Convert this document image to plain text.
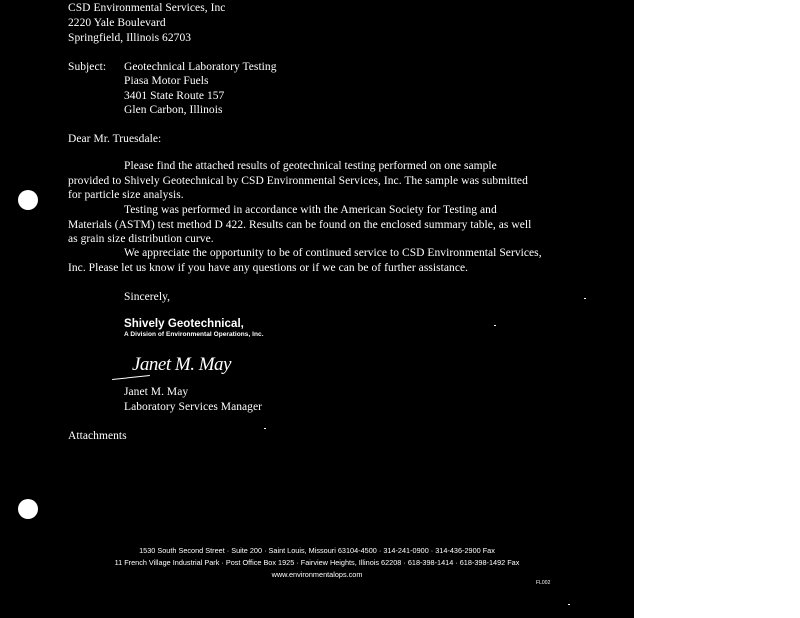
CSD Environmental Services, Inc
2220 Yale Boulevard
Springfield, Illinois 62703
Subject: Geotechnical Laboratory Testing
Piasa Motor Fuels
3401 State Route 157
Glen Carbon, Illinois
Dear Mr. Truesdale:
Please find the attached results of geotechnical testing performed on one sample provided to Shively Geotechnical by CSD Environmental Services, Inc. The sample was submitted for particle size analysis.
Testing was performed in accordance with the American Society for Testing and Materials (ASTM) test method D 422. Results can be found on the enclosed summary table, as well as grain size distribution curve.
We appreciate the opportunity to be of continued service to CSD Environmental Services, Inc. Please let us know if you have any questions or if we can be of further assistance.
Sincerely,
Shively Geotechnical,
A Division of Environmental Operations, Inc.
Janet M. May
Janet M. May
Laboratory Services Manager
Attachments
1530 South Second Street · Suite 200 · Saint Louis, Missouri 63104-4500 · 314-241-0900 · 314-436-2900 Fax
11 French Village Industrial Park · Post Office Box 1925 · Fairview Heights, Illinois 62208 · 618-398-1414 · 618-398-1492 Fax
www.environmentalops.com
FL002
